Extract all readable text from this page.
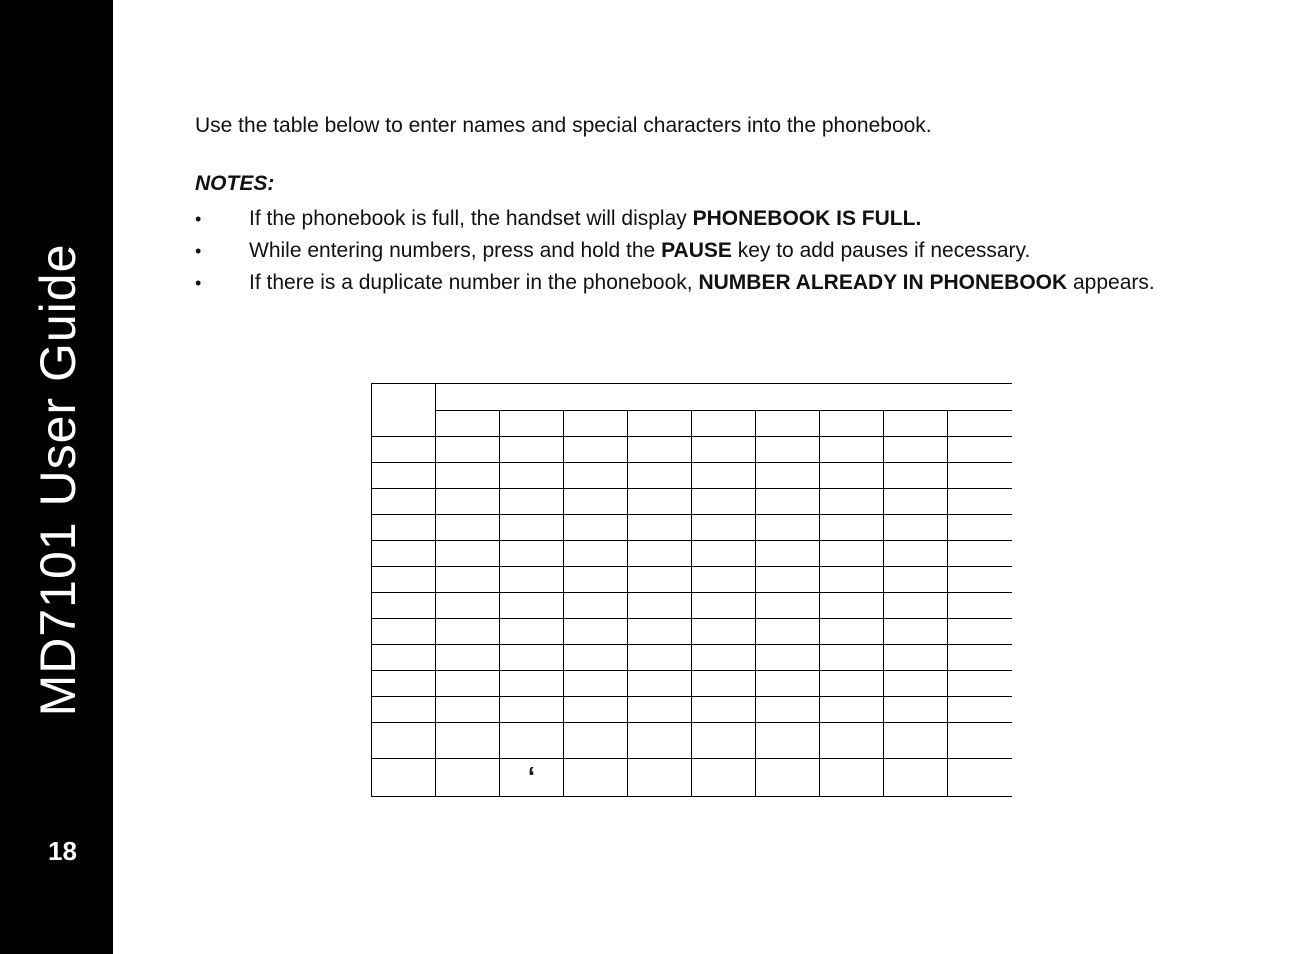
MD7101 User Guide
18
Use the table below to enter names and special characters into the phonebook.
NOTES:
•	If the phonebook is full, the handset will display PHONEBOOK IS FULL.
•	While entering numbers, press and hold the PAUSE key to add pauses if necessary.
•	If there is a duplicate number in the phonebook, NUMBER ALREADY IN PHONEBOOK appears.

		‘							
